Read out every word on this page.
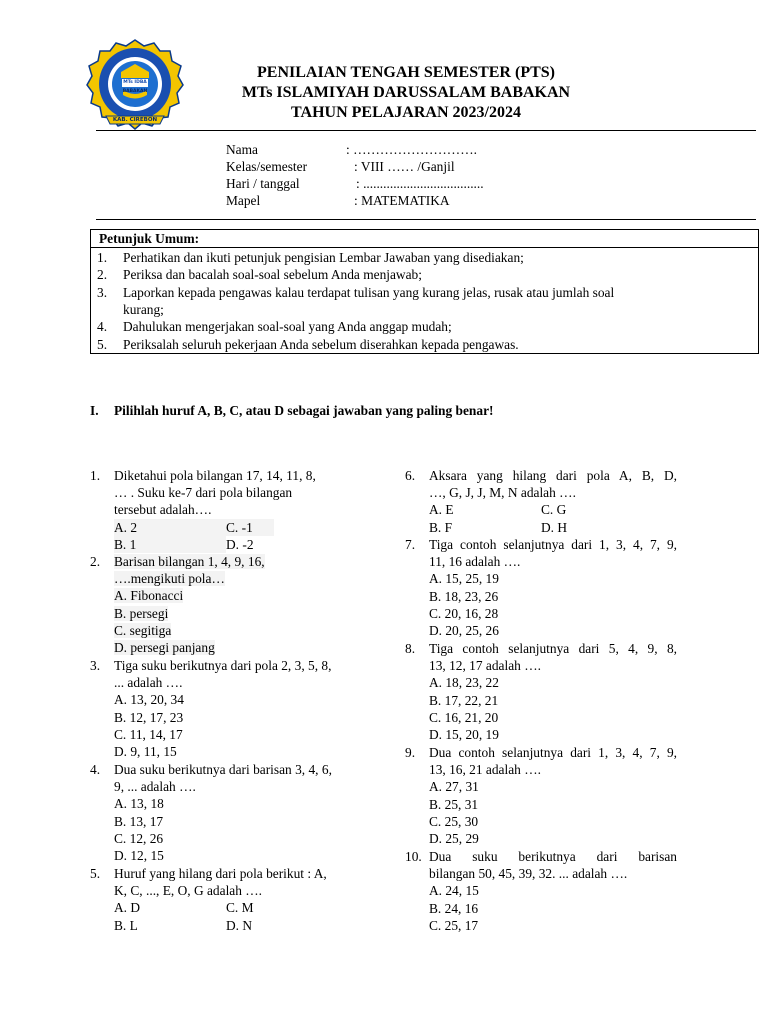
MTs IDBA
BABAKAN
KAB. CIREBON
PENILAIAN TENGAH SEMESTER (PTS)
MTs ISLAMIYAH DARUSSALAM BABAKAN
TAHUN PELAJARAN 2023/2024
Nama	: ……………………….
Kelas/semester	: VIII …… /Ganjil
Hari / tanggal	: ....................................
Mapel	: MATEMATIKA
Petunjuk Umum:
1. Perhatikan dan ikuti petunjuk pengisian Lembar Jawaban yang disediakan;
2. Periksa dan bacalah soal-soal sebelum Anda menjawab;
3. Laporkan kepada pengawas kalau terdapat tulisan yang kurang jelas, rusak atau jumlah soal
kurang;
4. Dahulukan mengerjakan soal-soal yang Anda anggap mudah;
5. Periksalah seluruh pekerjaan Anda sebelum diserahkan kepada pengawas.
I. Pilihlah huruf A, B, C, atau D sebagai jawaban yang paling benar!
1. Diketahui pola bilangan 17, 14, 11, 8,
… . Suku ke-7 dari pola bilangan
tersebut adalah….
A. 2	C. -1
B. 1	D. -2
2. Barisan bilangan 1, 4, 9, 16,
….mengikuti pola…
A. Fibonacci
B. persegi
C. segitiga
D. persegi panjang
3. Tiga suku berikutnya dari pola 2, 3, 5, 8,
... adalah ….
A. 13, 20, 34
B. 12, 17, 23
C. 11, 14, 17
D. 9, 11, 15
4. Dua suku berikutnya dari barisan 3, 4, 6,
9, ... adalah ….
A. 13, 18
B. 13, 17
C. 12, 26
D. 12, 15
5. Huruf yang hilang dari pola berikut : A,
K, C, ..., E, O, G adalah ….
A. D	C. M
B. L	D. N
6. Aksara yang hilang dari pola A, B, D,
…, G, J, J, M, N adalah ….
A. E	C. G
B. F	D. H
7. Tiga contoh selanjutnya dari 1, 3, 4, 7, 9,
11, 16 adalah ….
A. 15, 25, 19
B. 18, 23, 26
C. 20, 16, 28
D. 20, 25, 26
8. Tiga contoh selanjutnya dari 5, 4, 9, 8,
13, 12, 17 adalah ….
A. 18, 23, 22
B. 17, 22, 21
C. 16, 21, 20
D. 15, 20, 19
9. Dua contoh selanjutnya dari 1, 3, 4, 7, 9,
13, 16, 21 adalah ….
A. 27, 31
B. 25, 31
C. 25, 30
D. 25, 29
10. Dua suku berikutnya dari barisan
bilangan 50, 45, 39, 32. ... adalah ….
A. 24, 15
B. 24, 16
C. 25, 17
